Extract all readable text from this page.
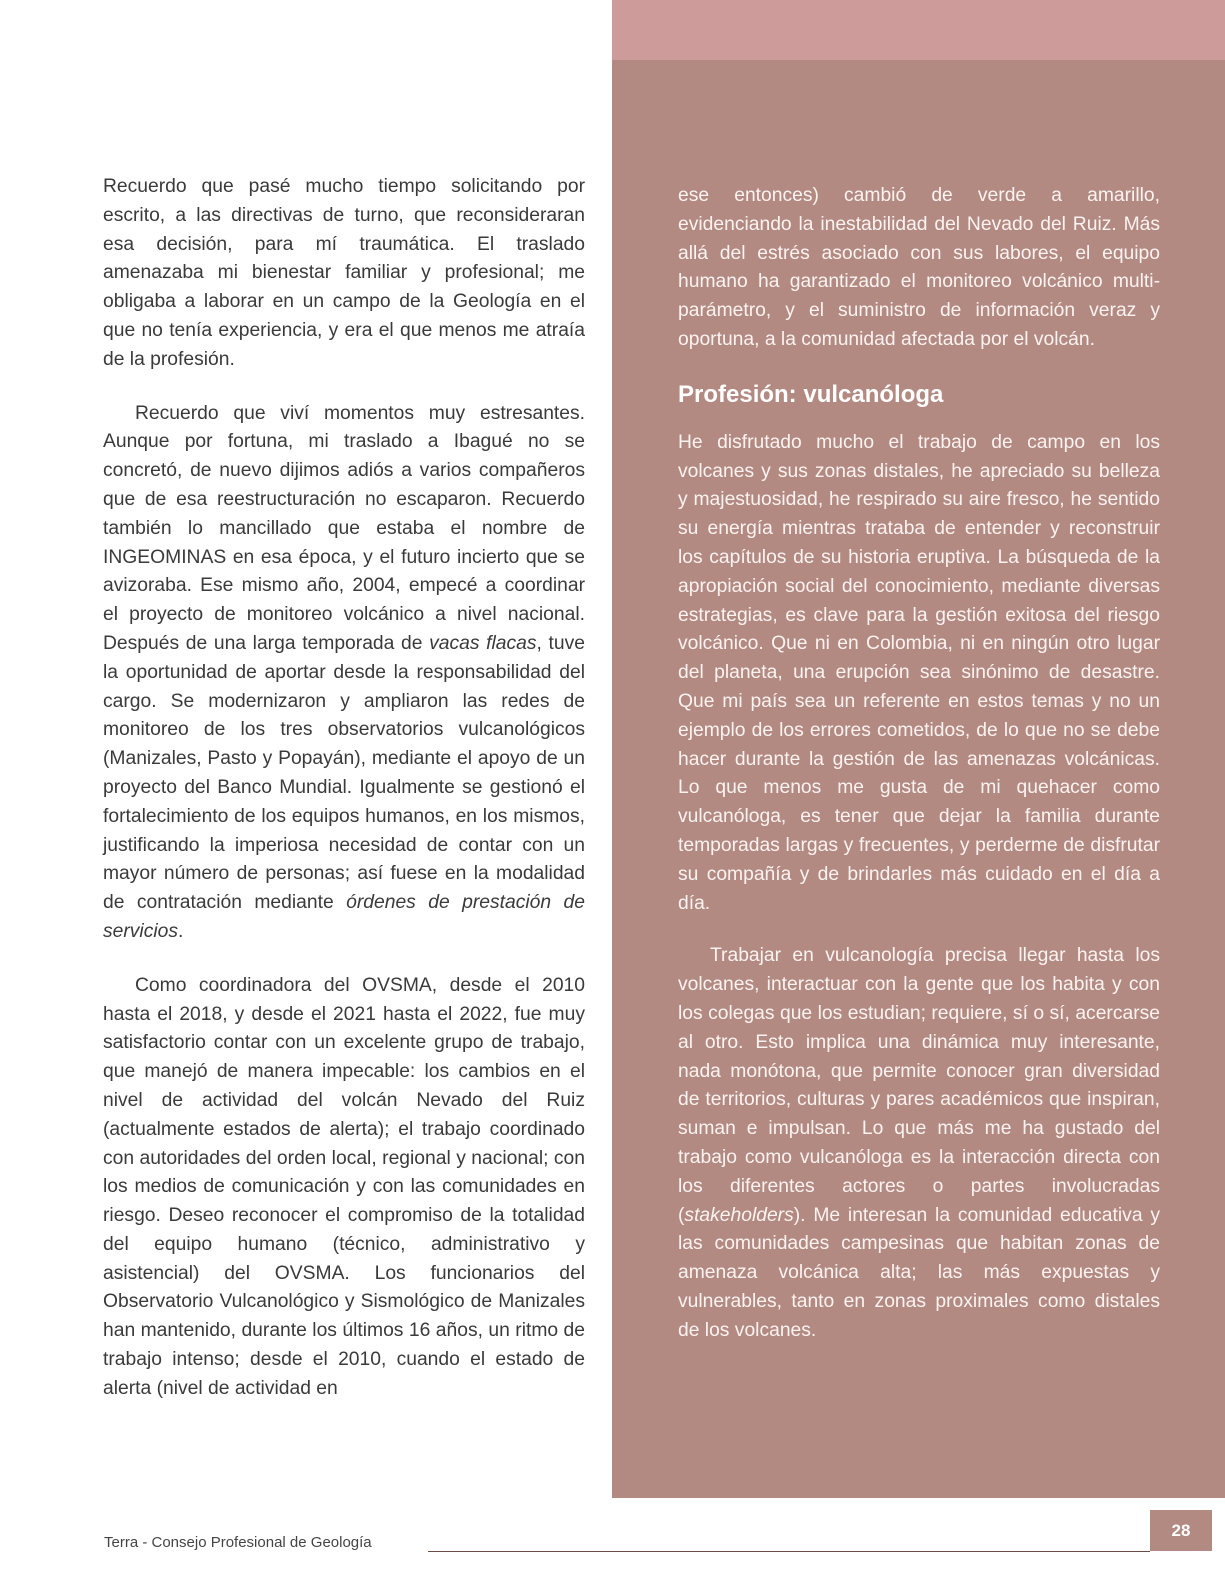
Recuerdo que pasé mucho tiempo solicitando por escrito, a las directivas de turno, que reconsideraran esa decisión, para mí traumática. El traslado amenazaba mi bienestar familiar y profesional; me obligaba a laborar en un campo de la Geología en el que no tenía experiencia, y era el que menos me atraía de la profesión.

Recuerdo que viví momentos muy estresantes. Aunque por fortuna, mi traslado a Ibagué no se concretó, de nuevo dijimos adiós a varios compañeros que de esa reestructuración no escaparon. Recuerdo también lo mancillado que estaba el nombre de INGEOMINAS en esa época, y el futuro incierto que se avizoraba. Ese mismo año, 2004, empecé a coordinar el proyecto de monitoreo volcánico a nivel nacional. Después de una larga temporada de vacas flacas, tuve la oportunidad de aportar desde la responsabilidad del cargo. Se modernizaron y ampliaron las redes de monitoreo de los tres observatorios vulcanológicos (Manizales, Pasto y Popayán), mediante el apoyo de un proyecto del Banco Mundial. Igualmente se gestionó el fortalecimiento de los equipos humanos, en los mismos, justificando la imperiosa necesidad de contar con un mayor número de personas; así fuese en la modalidad de contratación mediante órdenes de prestación de servicios.

Como coordinadora del OVSMA, desde el 2010 hasta el 2018, y desde el 2021 hasta el 2022, fue muy satisfactorio contar con un excelente grupo de trabajo, que manejó de manera impecable: los cambios en el nivel de actividad del volcán Nevado del Ruiz (actualmente estados de alerta); el trabajo coordinado con autoridades del orden local, regional y nacional; con los medios de comunicación y con las comunidades en riesgo. Deseo reconocer el compromiso de la totalidad del equipo humano (técnico, administrativo y asistencial) del OVSMA. Los funcionarios del Observatorio Vulcanológico y Sismológico de Manizales han mantenido, durante los últimos 16 años, un ritmo de trabajo intenso; desde el 2010, cuando el estado de alerta (nivel de actividad en

ese entonces) cambió de verde a amarillo, evidenciando la inestabilidad del Nevado del Ruiz. Más allá del estrés asociado con sus labores, el equipo humano ha garantizado el monitoreo volcánico multi-parámetro, y el suministro de información veraz y oportuna, a la comunidad afectada por el volcán.

Profesión: vulcanóloga

He disfrutado mucho el trabajo de campo en los volcanes y sus zonas distales, he apreciado su belleza y majestuosidad, he respirado su aire fresco, he sentido su energía mientras trataba de entender y reconstruir los capítulos de su historia eruptiva. La búsqueda de la apropiación social del conocimiento, mediante diversas estrategias, es clave para la gestión exitosa del riesgo volcánico. Que ni en Colombia, ni en ningún otro lugar del planeta, una erupción sea sinónimo de desastre. Que mi país sea un referente en estos temas y no un ejemplo de los errores cometidos, de lo que no se debe hacer durante la gestión de las amenazas volcánicas. Lo que menos me gusta de mi quehacer como vulcanóloga, es tener que dejar la familia durante temporadas largas y frecuentes, y perderme de disfrutar su compañía y de brindarles más cuidado en el día a día.

Trabajar en vulcanología precisa llegar hasta los volcanes, interactuar con la gente que los habita y con los colegas que los estudian; requiere, sí o sí, acercarse al otro. Esto implica una dinámica muy interesante, nada monótona, que permite conocer gran diversidad de territorios, culturas y pares académicos que inspiran, suman e impulsan. Lo que más me ha gustado del trabajo como vulcanóloga es la interacción directa con los diferentes actores o partes involucradas (stakeholders). Me interesan la comunidad educativa y las comunidades campesinas que habitan zonas de amenaza volcánica alta; las más expuestas y vulnerables, tanto en zonas proximales como distales de los volcanes.

Terra - Consejo Profesional de Geología
28
